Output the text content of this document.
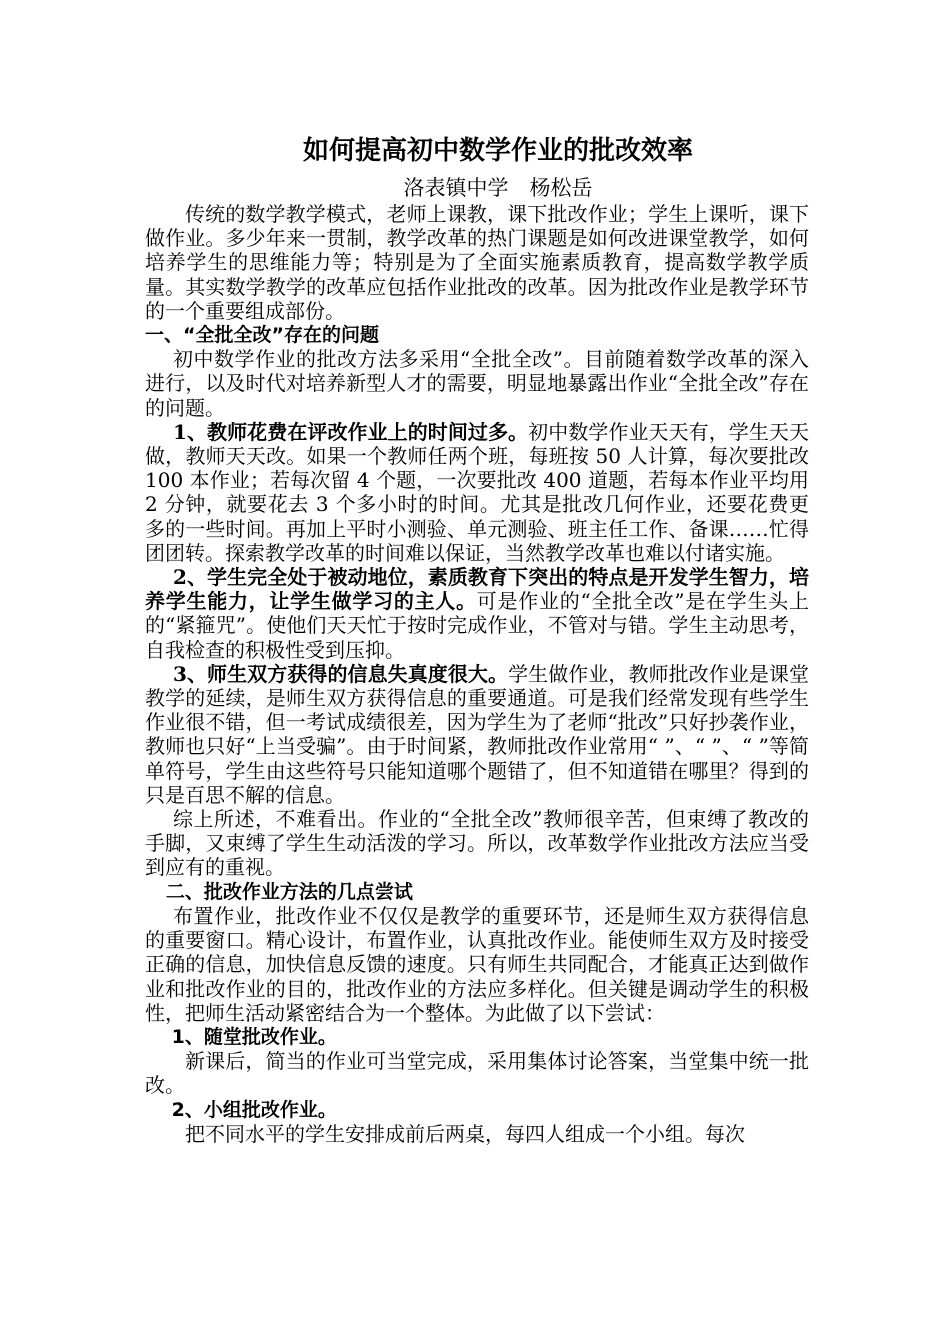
如何提高初中数学作业的批改效率
洛表镇中学　杨松岳

传统的数学教学模式，老师上课教，课下批改作业；学生上课听，课下做作业。多少年来一贯制，教学改革的热门课题是如何改进课堂教学，如何培养学生的思维能力等；特别是为了全面实施素质教育，提高数学教学质量。其实数学教学的改革应包括作业批改的改革。因为批改作业是教学环节的一个重要组成部份。

一、“全批全改”存在的问题

初中数学作业的批改方法多采用“全批全改”。目前随着数学改革的深入进行，以及时代对培养新型人才的需要，明显地暴露出作业“全批全改”存在的问题。

1、教师花费在评改作业上的时间过多。初中数学作业天天有，学生天天做，教师天天改。如果一个教师任两个班，每班按 50 人计算，每次要批改 100 本作业；若每次留 4 个题，一次要批改 400 道题，若每本作业平均用 2 分钟，就要花去 3 个多小时的时间。尤其是批改几何作业，还要花费更多的一些时间。再加上平时小测验、单元测验、班主任工作、备课……忙得团团转。探索教学改革的时间难以保证，当然教学改革也难以付诸实施。

2、学生完全处于被动地位，素质教育下突出的特点是开发学生智力，培养学生能力，让学生做学习的主人。可是作业的“全批全改”是在学生头上的“紧箍咒”。使他们天天忙于按时完成作业，不管对与错。学生主动思考，自我检查的积极性受到压抑。

3、师生双方获得的信息失真度很大。学生做作业，教师批改作业是课堂教学的延续，是师生双方获得信息的重要通道。可是我们经常发现有些学生作业很不错，但一考试成绩很差，因为学生为了老师“批改”只好抄袭作业，教师也只好“上当受骗”。由于时间紧，教师批改作业常用“ ”、“ ”、“ ”等简单符号，学生由这些符号只能知道哪个题错了，但不知道错在哪里？得到的只是百思不解的信息。

综上所述，不难看出。作业的“全批全改”教师很辛苦，但束缚了教改的手脚，又束缚了学生生动活泼的学习。所以，改革数学作业批改方法应当受到应有的重视。

二、批改作业方法的几点尝试

布置作业，批改作业不仅仅是教学的重要环节，还是师生双方获得信息的重要窗口。精心设计，布置作业，认真批改作业。能使师生双方及时接受正确的信息，加快信息反馈的速度。只有师生共同配合，才能真正达到做作业和批改作业的目的，批改作业的方法应多样化。但关键是调动学生的积极性，把师生活动紧密结合为一个整体。为此做了以下尝试：

1、随堂批改作业。

新课后，简当的作业可当堂完成，采用集体讨论答案，当堂集中统一批改。

2、小组批改作业。

把不同水平的学生安排成前后两桌，每四人组成一个小组。每次
